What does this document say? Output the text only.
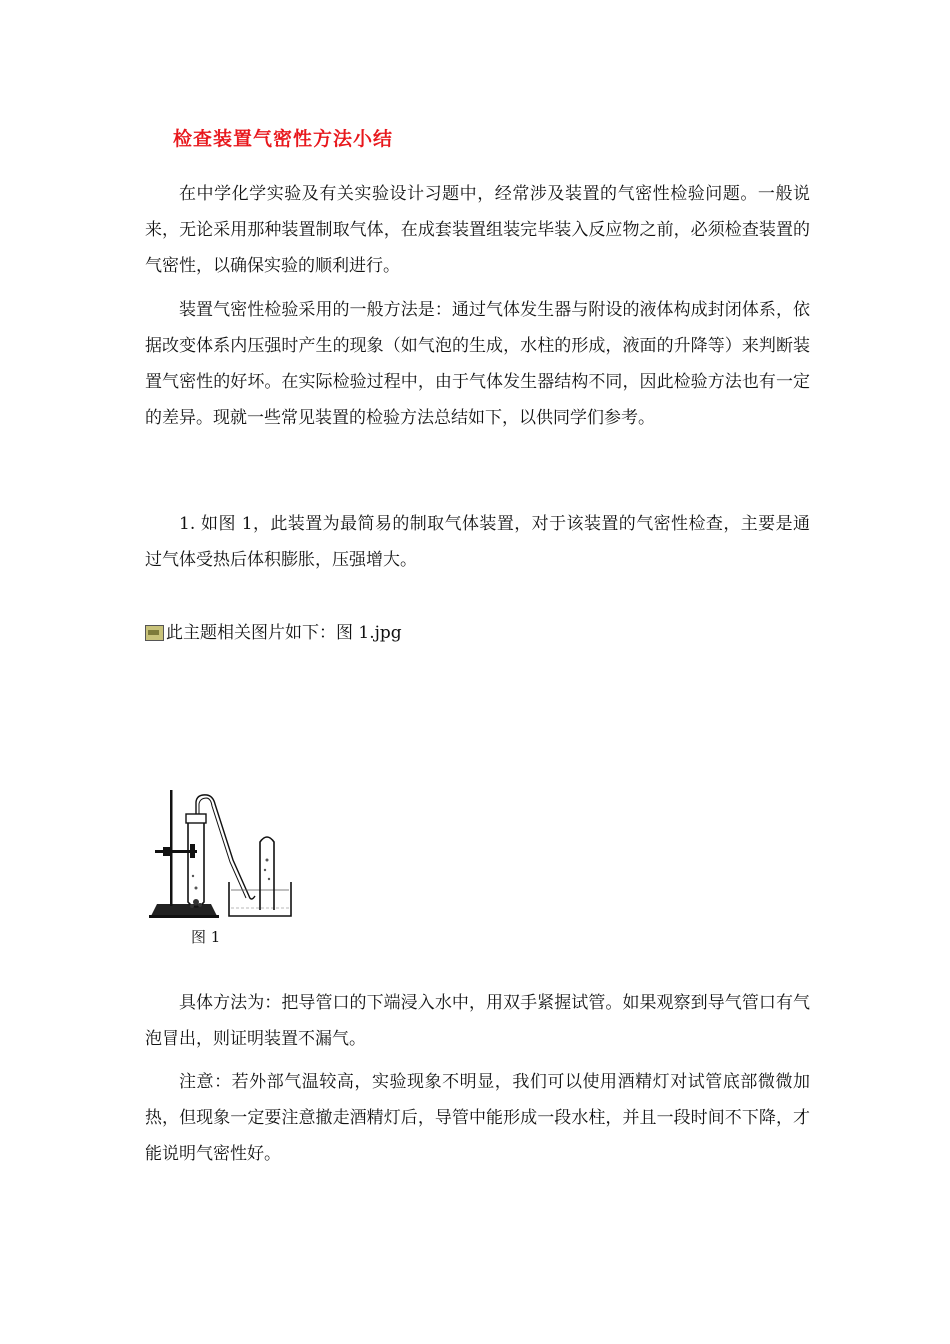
检查装置气密性方法小结

在中学化学实验及有关实验设计习题中，经常涉及装置的气密性检验问题。一般说来，无论采用那种装置制取气体，在成套装置组装完毕装入反应物之前，必须检查装置的气密性，以确保实验的顺利进行。

装置气密性检验采用的一般方法是：通过气体发生器与附设的液体构成封闭体系，依据改变体系内压强时产生的现象（如气泡的生成，水柱的形成，液面的升降等）来判断装置气密性的好坏。在实际检验过程中，由于气体发生器结构不同，因此检验方法也有一定的差异。现就一些常见装置的检验方法总结如下，以供同学们参考。

1. 如图 1，此装置为最简易的制取气体装置，对于该装置的气密性检查，主要是通过气体受热后体积膨胀，压强增大。

此主题相关图片如下：图 1.jpg
图 1

具体方法为：把导管口的下端浸入水中，用双手紧握试管。如果观察到导气管口有气泡冒出，则证明装置不漏气。

注意：若外部气温较高，实验现象不明显，我们可以使用酒精灯对试管底部微微加热，但现象一定要注意撤走酒精灯后，导管中能形成一段水柱，并且一段时间不下降，才能说明气密性好。
